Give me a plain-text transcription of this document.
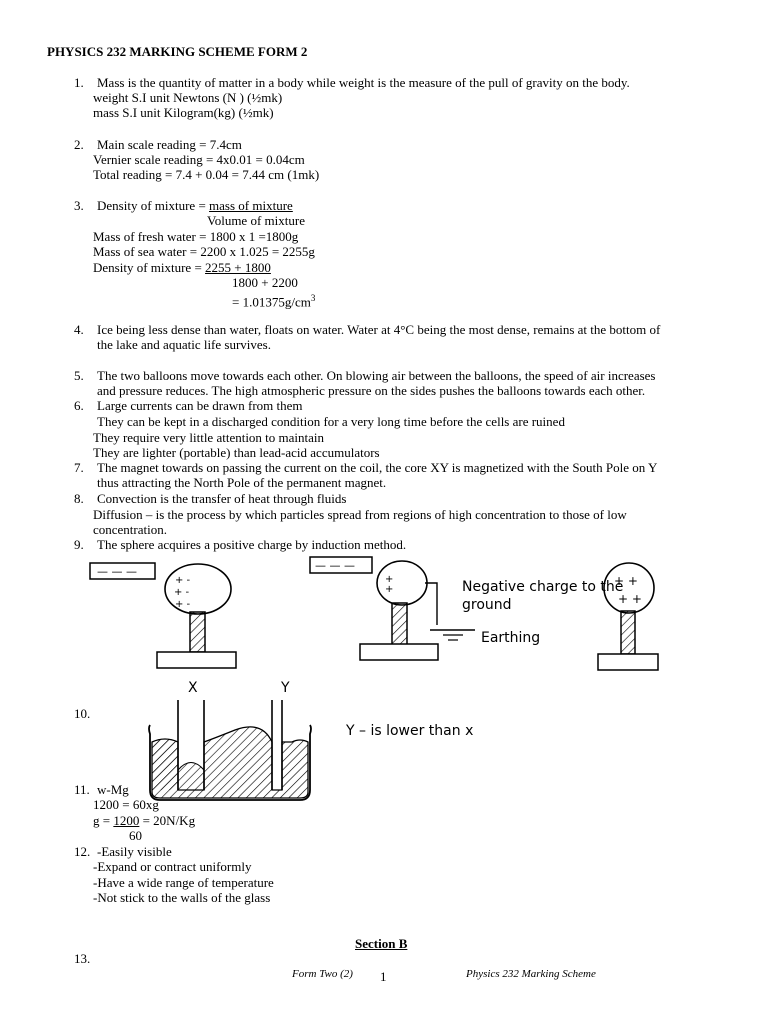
PHYSICS 232 MARKING SCHEME FORM 2
1. Mass is the quantity of matter in a body while weight is the measure of the pull of gravity on the body.
weight S.I unit Newtons (N ) (½mk)
mass S.I unit Kilogram(kg) (½mk)
2. Main scale reading = 7.4cm
Vernier scale reading = 4x0.01 = 0.04cm
Total reading = 7.4 + 0.04 = 7.44 cm (1mk)
3. Density of mixture = mass of mixture
Volume of mixture
Mass of fresh water = 1800 x 1 =1800g
Mass of sea water = 2200 x 1.025 = 2255g
Density of mixture = 2255 + 1800
1800 + 2200
= $1.01375g/cm^3$
4. Ice being less dense than water, floats on water. Water at 4°C being the most dense, remains at the bottom of
the lake and aquatic life survives.
5. The two balloons move towards each other. On blowing air between the balloons, the speed of air increases
and pressure reduces. The high atmospheric pressure on the sides pushes the balloons towards each other.
6. Large currents can be drawn from them
They can be kept in a discharged condition for a very long time before the cells are ruined
They require very little attention to maintain
They are lighter (portable) than lead-acid accumulators
7. The magnet towards on passing the current on the coil, the core XY is magnetized with the South Pole on Y
thus attracting the North Pole of the permanent magnet.
8. Convection is the transfer of heat through fluids
Diffusion – is the process by which particles spread from regions of high concentration to those of low
concentration.
9. The sphere acquires a positive charge by induction method.
— — —
+ -
+ -
+ -
— — —
+
+
+ +
+ +
Negative charge to the
ground
Earthing
X	Y
10.
Y – is lower than x
11. w-Mg
1200 = 60xg
g = 1200 = 20N/Kg
60
12. -Easily visible
-Expand or contract uniformly
-Have a wide range of temperature
-Not stick to the walls of the glass
Section B
13.
Form Two (2) 1	Physics 232 Marking Scheme
